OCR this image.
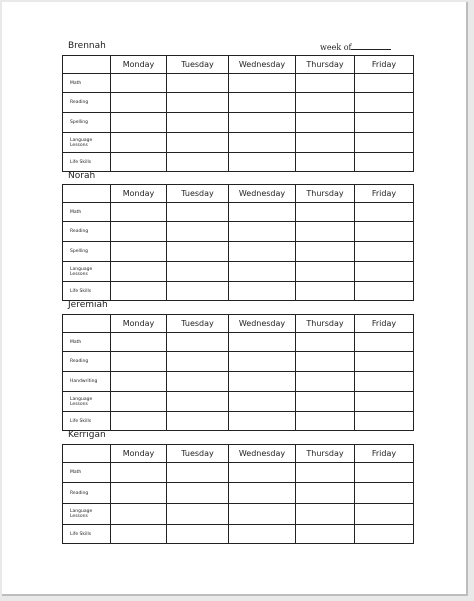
Brennah	week of
	Monday	Tuesday	Wednesday	Thursday	Friday
Math					
Reading					
Spelling					
Language Lessons					
Life Skills					
Norah
	Monday	Tuesday	Wednesday	Thursday	Friday
Math					
Reading					
Spelling					
Language Lessons					
Life Skills					
Jeremiah
	Monday	Tuesday	Wednesday	Thursday	Friday
Math					
Reading					
Handwriting					
Language Lessons					
Life Skills					
Kerrigan
	Monday	Tuesday	Wednesday	Thursday	Friday
Math					
Reading					
Language Lessons					
Life Skills					
